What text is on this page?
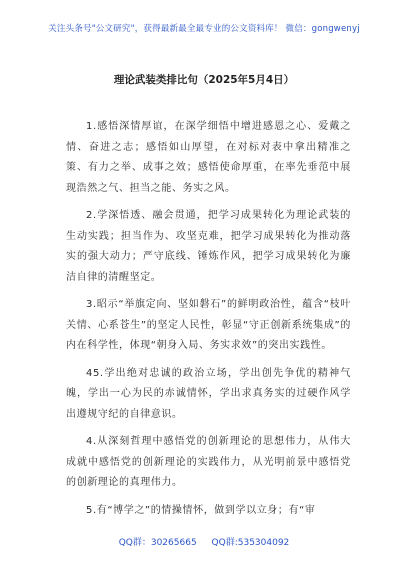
关注头条号"公文研究"，获得最新最全最专业的公文资料库！ 微信：gongwenyj
理论武装类排比句（2025年5月4日）

1.感悟深情厚谊，在深学细悟中增进感恩之心、爱戴之情、奋进之志；感悟如山厚望，在对标对表中拿出精准之策、有力之举、成事之效；感悟使命厚重，在率先垂范中展现浩然之气、担当之能、务实之风。

2.学深悟透、融会贯通，把学习成果转化为理论武装的生动实践；担当作为、攻坚克难，把学习成果转化为推动落实的强大动力；严守底线、锤炼作风，把学习成果转化为廉洁自律的清醒坚定。

3.昭示“举旗定向、坚如磐石”的鲜明政治性，蕴含“枝叶关情、心系苍生”的坚定人民性，彰显“守正创新系统集成”的内在科学性，体现“朝身入局、务实求效”的突出实践性。

45.学出绝对忠诚的政治立场，学出创先争优的精神气魄，学出一心为民的赤诚情怀，学出求真务实的过硬作风学出遵规守纪的自律意识。

4.从深刻哲理中感悟党的创新理论的思想伟力，从伟大成就中感悟党的创新理论的实践伟力，从光明前景中感悟党的创新理论的真理伟力。

5.有“博学之”的情操情怀，做到学以立身；有“审

QQ群：30265665 QQ群:535304092
